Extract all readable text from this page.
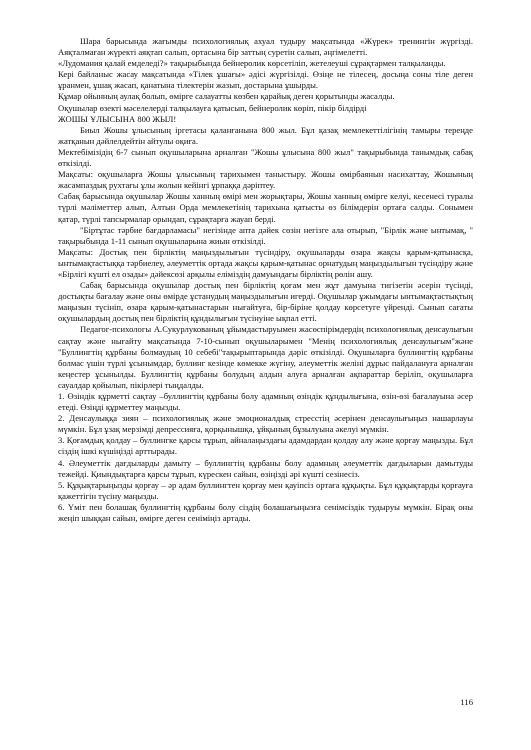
Шара барысында жағымды психологиялық ахуал тудыру мақсатында «Жүрек» тренингін жүргізді. Аяқталмаған жүректі аяқтап салып, ортасына бір заттың суретін салып, әңгімелетті.

«Лудомания қалай емделеді?» тақырыбында бейнеролик көрсетіліп, жетелеуші сұрақтармен талқыланды.

Кері байланыс жасау мақсатында «Тілек ұшағы» әдісі жүргізілді. Өзіңе не тілесең, досыңа соны тіле деген ұранмен, ұшақ жасап, қанатына тілектерін жазып, достарына ұшырды.

Құмар ойынның аулақ болып, өмірге салауатты көзбен қарайық деген қорытынды жасалды.

Оқушылар өзекті мәселелерді талқылауға қатысып, бейнеролик көріп, пікір білдірді

ЖОШЫ ҰЛЫСЫНА 800 ЖЫЛ!

Биыл Жошы ұлысының іргетасы қаланғанына 800 жыл. Бұл қазақ мемлекеттілігінің тамыры тереңде жатқанын дәйлелдейтін айтулы оқиға.

Мектебімізідің 6-7 сынып оқушыларына арналған "Жошы ұлысына 800 жыл" тақырыбында танымдық сабақ өткізілді.

Мақсаты: оқушыларға Жошы ұлысының тарихымен таныстыру. Жошы өмірбаянын насихаттау, Жошының жасампаздық рухтағы ұлы жолын кейінгі ұрпаққа дәріптеу.

Сабақ барысында оқушылар Жошы ханның өмірі мен жорықтары, Жошы ханның өмірге келуі, кесенесі туралы түрлі мәліметтер алып, Алтын Орда мемлекетінің тарихына қатысты өз білімдерін ортаға салды. Сонымен қатар, түрлі тапсырмалар орындап, сұрақтарға жауап берді.

"Біртұтас тәрбие бағдарламасы" негізінде апта дәйек сөзін негізге ала отырып, "Бірлік және ынтымақ, " тақырыбында 1-11 сынып оқушыларына жиын өткізілді.

Мақсаты: Достық пен бірліктің маңыздылығын түсіндіру, оқушыларды өзара жақсы қарым-қатынасқа, ынтымақтастыққа тәрбиелеу, әлеуметтік ортада жақсы қарым-қатынас орнатудың маңыздылығын түсіндіру және «Бірлігі күшті ел озады» дәйексөзі арқылы елімiздің дамуындағы бірліктің рөлін ашу.

Сабақ барысында оқушылар достық пен бірліктің қоғам мен жұт дамуына тигізетін әсерін түсінді, достықты бағалау және оны өмірде ұстанудың маңыздылығын игерді. Оқушылар ұжымдағы ынтымақтастықтың маңызын түсініп, өзара қарым-қатынастарын нығайтуға, бір-біріне қолдау көрсетуге үйренді. Сынып сағаты оқушылардың достық пен бірліктің құндылығын түсінуіне ықпал етті.

Педагог-психологы А.Сукурлукованың ұйымдастыруымен жасөспірімдердің психологиялық денсаулығын сақтау және нығайту мақсатында 7-10-сынып оқушыларымен "Менің психологиялық денсаулығым"және "Буллингтің құрбаны болмаудың 10 себебі"тақырыптарында дәріс өткізілді. Оқушыларға буллингтің құрбаны болмас үшін түрлі ұсынымдар, буллинг кезінде көмекке жүгіну, әлеуметтік желіні дұрыс пайдалануға арналған кеңестер ұсынылды. Буллингтің құрбаны болудың алдын алуға арналған ақпараттар беріліп, оқушыларға сауалдар қойылып, пікірлері тыңдалды.

1. Өзіндік құрметті сақтау –буллингтің құрбаны болу адамның өзіндік құндылығына, өзін-өзі бағалауына әсер етеді. Өзіңді құрметтеу маңызды.

2. Денсаулыққа зиян – психологиялық және эмоционалдық стресстің әсерінен денсаулығыңыз нашарлауы мүмкін. Бұл ұзақ мерзімді депрессияға, қорқынышқа, ұйқының бұзылуына әкелуі мүмкін.

3. Қоғамдық қолдау – буллингке қарсы тұрып, айналаңыздағы адамдардан қолдау алу және қорғау маңызды. Бұл сіздің ішкі күшіңізді арттырады.

4. Әлеуметтік дағдыларды дамыту – буллингтің құрбаны болу адамның әлеуметтік дағдыларын дамытуды тежейді. Қиындықтарға қарсы тұрып, күрескен сайын, өзіңізді әрі күшті сезінесіз.

5. Құқықтарыңызды қорғау – әр адам буллингтен қорғау мен қауіпсіз ортаға құқықты. Бұл құқықтарды қорғауға қажеттігін түсіну маңызды.

6. Үміт пен болашақ буллингтің құрбаны болу сіздің болашағыңызға сенімсіздік тудыруы мүмкін. Бірақ оны жеңіп шыққан сайын, өмірге деген сеніміңіз артады.

116
